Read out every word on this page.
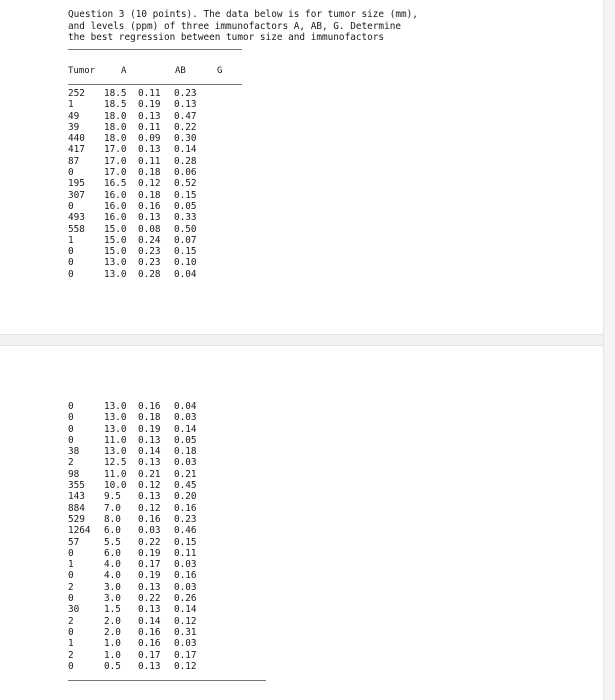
Question 3 (10 points). The data below is for tumor size (mm),
and levels (ppm) of three immunofactors A, AB, G. Determine
the best regression between tumor size and immunofactors
Tumor	A	AB	G
252 18.5 0.11 0.23
1	18.5 0.19 0.13
49	18.0 0.13 0.47
39	18.0 0.11 0.22
440 18.0 0.09 0.30
417 17.0 0.13 0.14
87	17.0 0.11 0.28
0	17.0 0.18 0.06
195 16.5 0.12 0.52
307 16.0 0.18 0.15
0	16.0 0.16 0.05
493 16.0 0.13 0.33
558 15.0 0.08 0.50
1	15.0 0.24 0.07
0	15.0 0.23 0.15
0	13.0 0.23 0.10
0	13.0 0.28 0.04
0	13.0 0.16 0.04
0	13.0 0.18 0.03
0	13.0 0.19 0.14
0	11.0 0.13 0.05
38	13.0 0.14 0.18
2	12.5 0.13 0.03
98	11.0 0.21 0.21
355 10.0 0.12 0.45
143 9.5 0.13 0.20
884 7.0 0.12 0.16
529 8.0 0.16 0.23
1264 6.0 0.03 0.46
57	5.5 0.22 0.15
0	6.0 0.19 0.11
1	4.0 0.17 0.03
0	4.0 0.19 0.16
2	3.0 0.13 0.03
0	3.0 0.22 0.26
30	1.5 0.13 0.14
2	2.0 0.14 0.12
0	2.0 0.16 0.31
1	1.0 0.16 0.03
2	1.0 0.17 0.17
0	0.5 0.13 0.12
